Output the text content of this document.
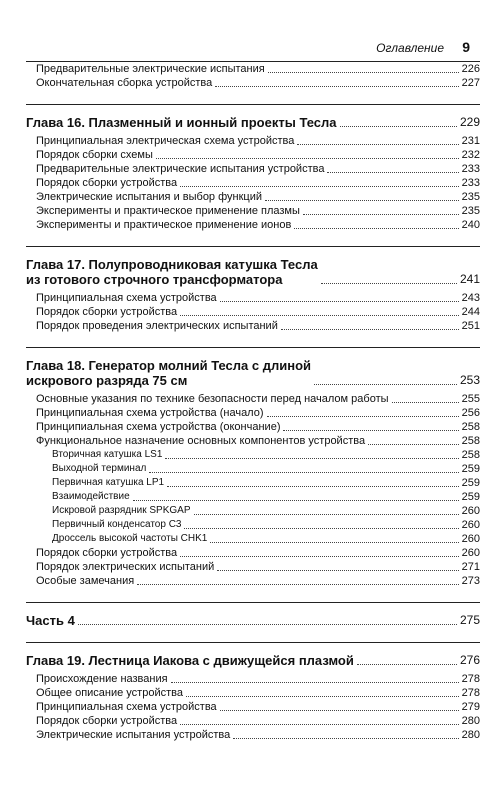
Оглавление 9
Предварительные электрические испытания	226
Окончательная сборка устройства	227
Глава 16. Плазменный и ионный проекты Тесла	229
Принципиальная электрическая схема устройства	231
Порядок сборки схемы	232
Предварительные электрические испытания устройства	233
Порядок сборки устройства	233
Электрические испытания и выбор функций	235
Эксперименты и практическое применение плазмы	235
Эксперименты и практическое применение ионов	240
Глава 17. Полупроводниковая катушка Тесла
из готового строчного трансформатора	241
Принципиальная схема устройства	243
Порядок сборки устройства	244
Порядок проведения электрических испытаний	251
Глава 18. Генератор молний Тесла с длиной
искрового разряда 75 см	253
Основные указания по технике безопасности перед началом работы	255
Принципиальная схема устройства (начало)	256
Принципиальная схема устройства (окончание)	258
Функциональное назначение основных компонентов устройства	258
Вторичная катушка LS1	258
Выходной терминал	259
Первичная катушка LP1	259
Взаимодействие	259
Искровой разрядник SPKGAP	260
Первичный конденсатор C3	260
Дроссель высокой частоты CHK1	260
Порядок сборки устройства	260
Порядок электрических испытаний	271
Особые замечания	273
Часть 4	275
Глава 19. Лестница Иакова с движущейся плазмой	276
Происхождение названия	278
Общее описание устройства	278
Принципиальная схема устройства	279
Порядок сборки устройства	280
Электрические испытания устройства	280
